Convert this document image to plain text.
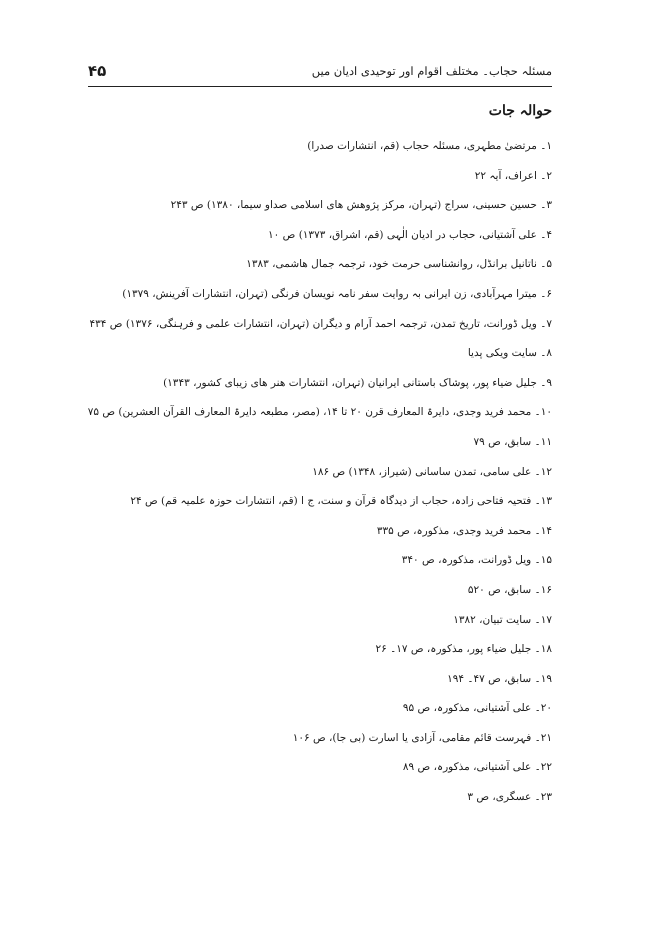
۴۵	مسئلہ حجاب۔ مختلف اقوام اور توحیدی ادیان میں
حوالہ جات
۱۔ مرتضیٰ مطہری، مسئلہ حجاب (قم، انتشارات صدرا)
۲۔ اعراف، آیہ ۲۲
۳۔ حسین حسینی، سراج (تہران، مرکز پژوھش ھای اسلامی صداو سیما، ۱۳۸۰) ص ۲۴۳
۴۔ علی آشتیانی، حجاب در ادیان الٰہی (قم، اشراق، ۱۳۷۳) ص ۱۰
۵۔ ناتانیل برانڈل، روانشناسی حرمت خود، ترجمہ جمال ھاشمی، ۱۳۸۳
۶۔ میترا مہرآبادی، زن ایرانی بہ روایت سفر نامہ نویسان فرنگی (تہران، انتشارات آفرینش، ۱۳۷۹)
۷۔ ویل ڈورانت، تاریخ تمدن، ترجمہ احمد آرام و دیگران (تہران، انتشارات علمی و فرہنگی، ۱۳۷۶) ص ۴۳۴
۸۔ سایت ویکی پدیا
۹۔ جلیل ضیاء پور، پوشاک باستانی ایرانیان (تہران، انتشارات ھنر ھای زیبای کشور، ۱۳۴۳)
۱۰۔ محمد فرید وجدی، دایرۃ المعارف قرن ۲۰ تا ۱۴، (مصر، مطبعہ دایرۃ المعارف القرآن العشرین) ص ۷۵
۱۱۔ سابق، ص ۷۹
۱۲۔ علی سامی، تمدن ساسانی (شیراز، ۱۳۴۸) ص ۱۸۶
۱۳۔ فتحیہ فتاحی زادہ، حجاب از دیدگاہ قرآن و سنت، ج ا (قم، انتشارات حوزہ علمیہ قم) ص ۲۴
۱۴۔ محمد فرید وجدی، مذکورہ، ص ۳۳۵
۱۵۔ ویل ڈورانت، مذکورہ، ص ۳۴۰
۱۶۔ سابق، ص ۵۲۰
۱۷۔ سایت تبیان، ۱۳۸۲
۱۸۔ جلیل ضیاء پور، مذکورہ، ص ۱۷۔ ۲۶
۱۹۔ سابق، ص ۴۷۔ ۱۹۴
۲۰۔ علی آشتیانی، مذکورہ، ص ۹۵
۲۱۔ فہرست قائم مقامی، آزادی یا اسارت (بی جا)، ص ۱۰۶
۲۲۔ علی آشتیانی، مذکورہ، ص ۸۹
۲۳۔ عسگری، ص ۳
